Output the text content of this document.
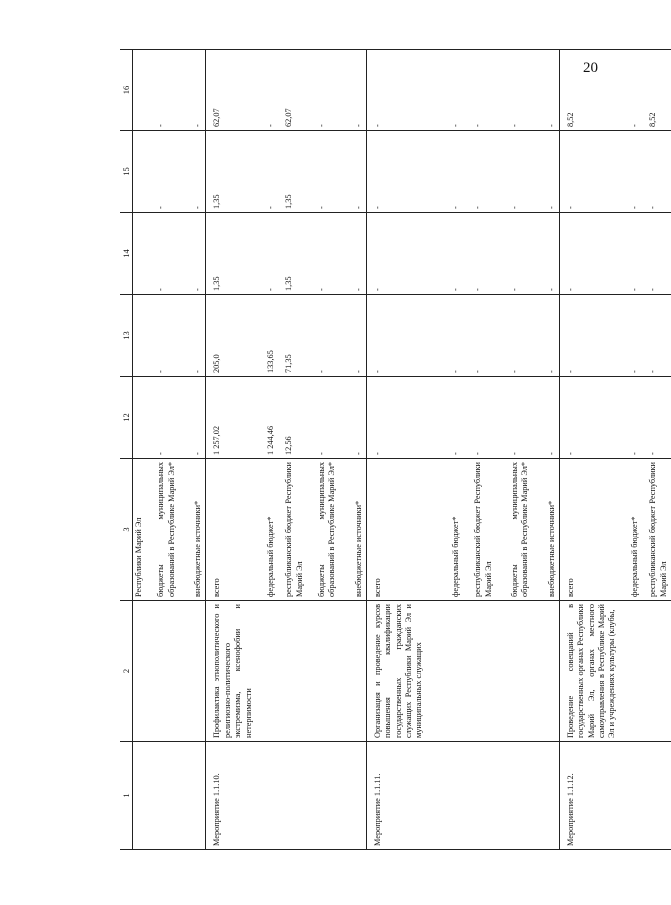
20
1	2	3	12	13	14	15	16
		Республики Марий Эл					
		бюджеты муниципальных образований в Республике Марий Эл*	-	-	-	-	-
		внебюджетные источники*	-	-	-	-	-
Мероприятие 1.1.10.	Профилактика этнополитического и религиозно-политического экстремизма, ксенофобии и нетерпимости	всего	1 257,02	205,0	1,35	1,35	62,07
		федеральный бюджет*	1 244,46	133,65	-	-	-
		республиканский бюджет Республики Марий Эл	12,56	71,35	1,35	1,35	62,07
		бюджеты муниципальных образований в Республике Марий Эл*	-	-	-	-	-
		внебюджетные источники*	-	-	-	-	-
Мероприятие 1.1.11.	Организация и проведение курсов повышения квалификации государственных гражданских служащих Республики Марий Эл и муниципальных служащих	всего	-	-	-	-	-
		федеральный бюджет*	-	-	-	-	-
		республиканский бюджет Республики Марий Эл	-	-	-	-	-
		бюджеты муниципальных образований в Республике Марий Эл*	-	-	-	-	-
		внебюджетные источники*	-	-	-	-	-
Мероприятие 1.1.12.	Проведение совещаний в государственных органах Республики Марий Эл, органах местного самоуправления в Республике Марий Эл и учреждениях культуры (клубы,	всего	-	-	-	-	8,52
		федеральный бюджет*	-	-	-	-	-
		республиканский бюджет Республики Марий Эл	-	-	-	-	8,52
